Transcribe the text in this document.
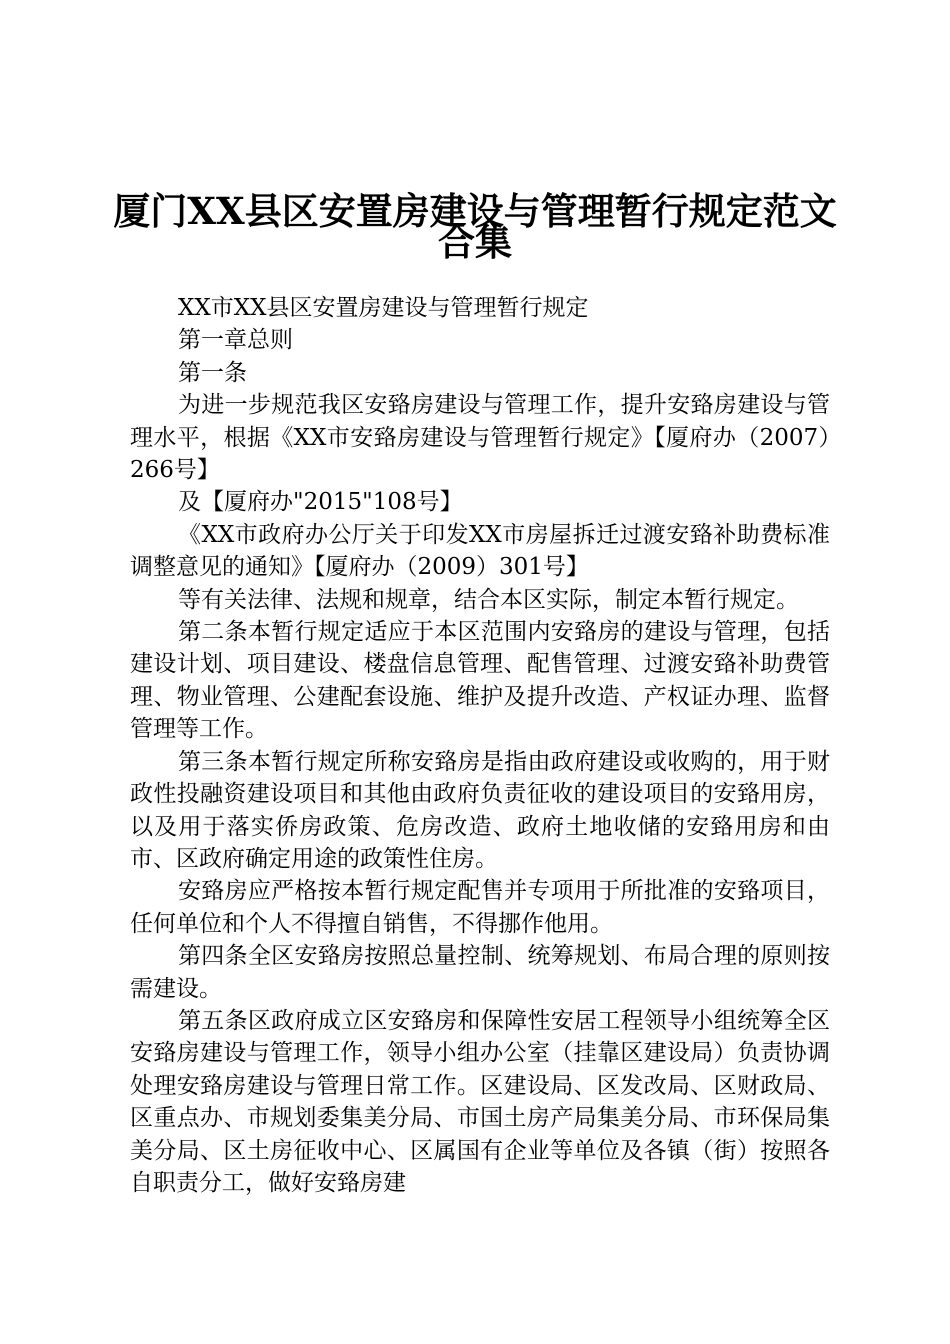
厦门XX县区安置房建设与管理暂行规定范文
合集

XX市XX县区安置房建设与管理暂行规定

第一章总则

第一条

为进一步规范我区安臵房建设与管理工作，提升安臵房建设与管理水平，根据《XX市安臵房建设与管理暂行规定》【厦府办（2007）266号】

及【厦府办"2015"108号】

《XX市政府办公厅关于印发XX市房屋拆迁过渡安臵补助费标准调整意见的通知》【厦府办（2009）301号】

等有关法律、法规和规章，结合本区实际，制定本暂行规定。

第二条本暂行规定适应于本区范围内安臵房的建设与管理，包括建设计划、项目建设、楼盘信息管理、配售管理、过渡安臵补助费管理、物业管理、公建配套设施、维护及提升改造、产权证办理、监督管理等工作。

第三条本暂行规定所称安臵房是指由政府建设或收购的，用于财政性投融资建设项目和其他由政府负责征收的建设项目的安臵用房，以及用于落实侨房政策、危房改造、政府土地收储的安臵用房和由市、区政府确定用途的政策性住房。

安臵房应严格按本暂行规定配售并专项用于所批准的安臵项目，任何单位和个人不得擅自销售，不得挪作他用。

第四条全区安臵房按照总量控制、统筹规划、布局合理的原则按需建设。

第五条区政府成立区安臵房和保障性安居工程领导小组统筹全区安臵房建设与管理工作，领导小组办公室（挂靠区建设局）负责协调处理安臵房建设与管理日常工作。区建设局、区发改局、区财政局、区重点办、市规划委集美分局、市国土房产局集美分局、市环保局集美分局、区土房征收中心、区属国有企业等单位及各镇（街）按照各自职责分工，做好安臵房建
